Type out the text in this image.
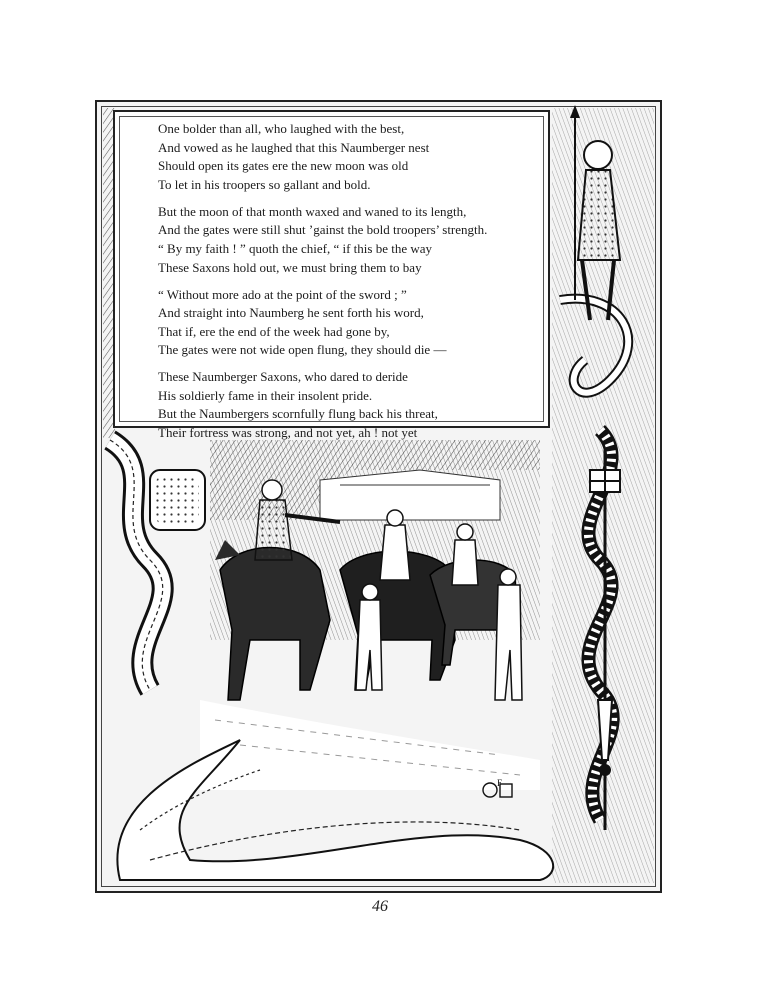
F
One bolder than all, who laughed with the best,
And vowed as he laughed that this Naumberger nest
Should open its gates ere the new moon was old
To let in his troopers so gallant and bold.
But the moon of that month waxed and waned to its length,
And the gates were still shut ’gainst the bold troopers’ strength.
“ By my faith ! ” quoth the chief, “ if this be the way
These Saxons hold out, we must bring them to bay
“ Without more ado at the point of the sword ; ”
And straight into Naumberg he sent forth his word,
That if, ere the end of the week had gone by,
The gates were not wide open flung, they should die —
These Naumberger Saxons, who dared to deride
His soldierly fame in their insolent pride.
But the Naumbergers scornfully flung back his threat,
Their fortress was strong, and not yet, ah ! not yet
46
